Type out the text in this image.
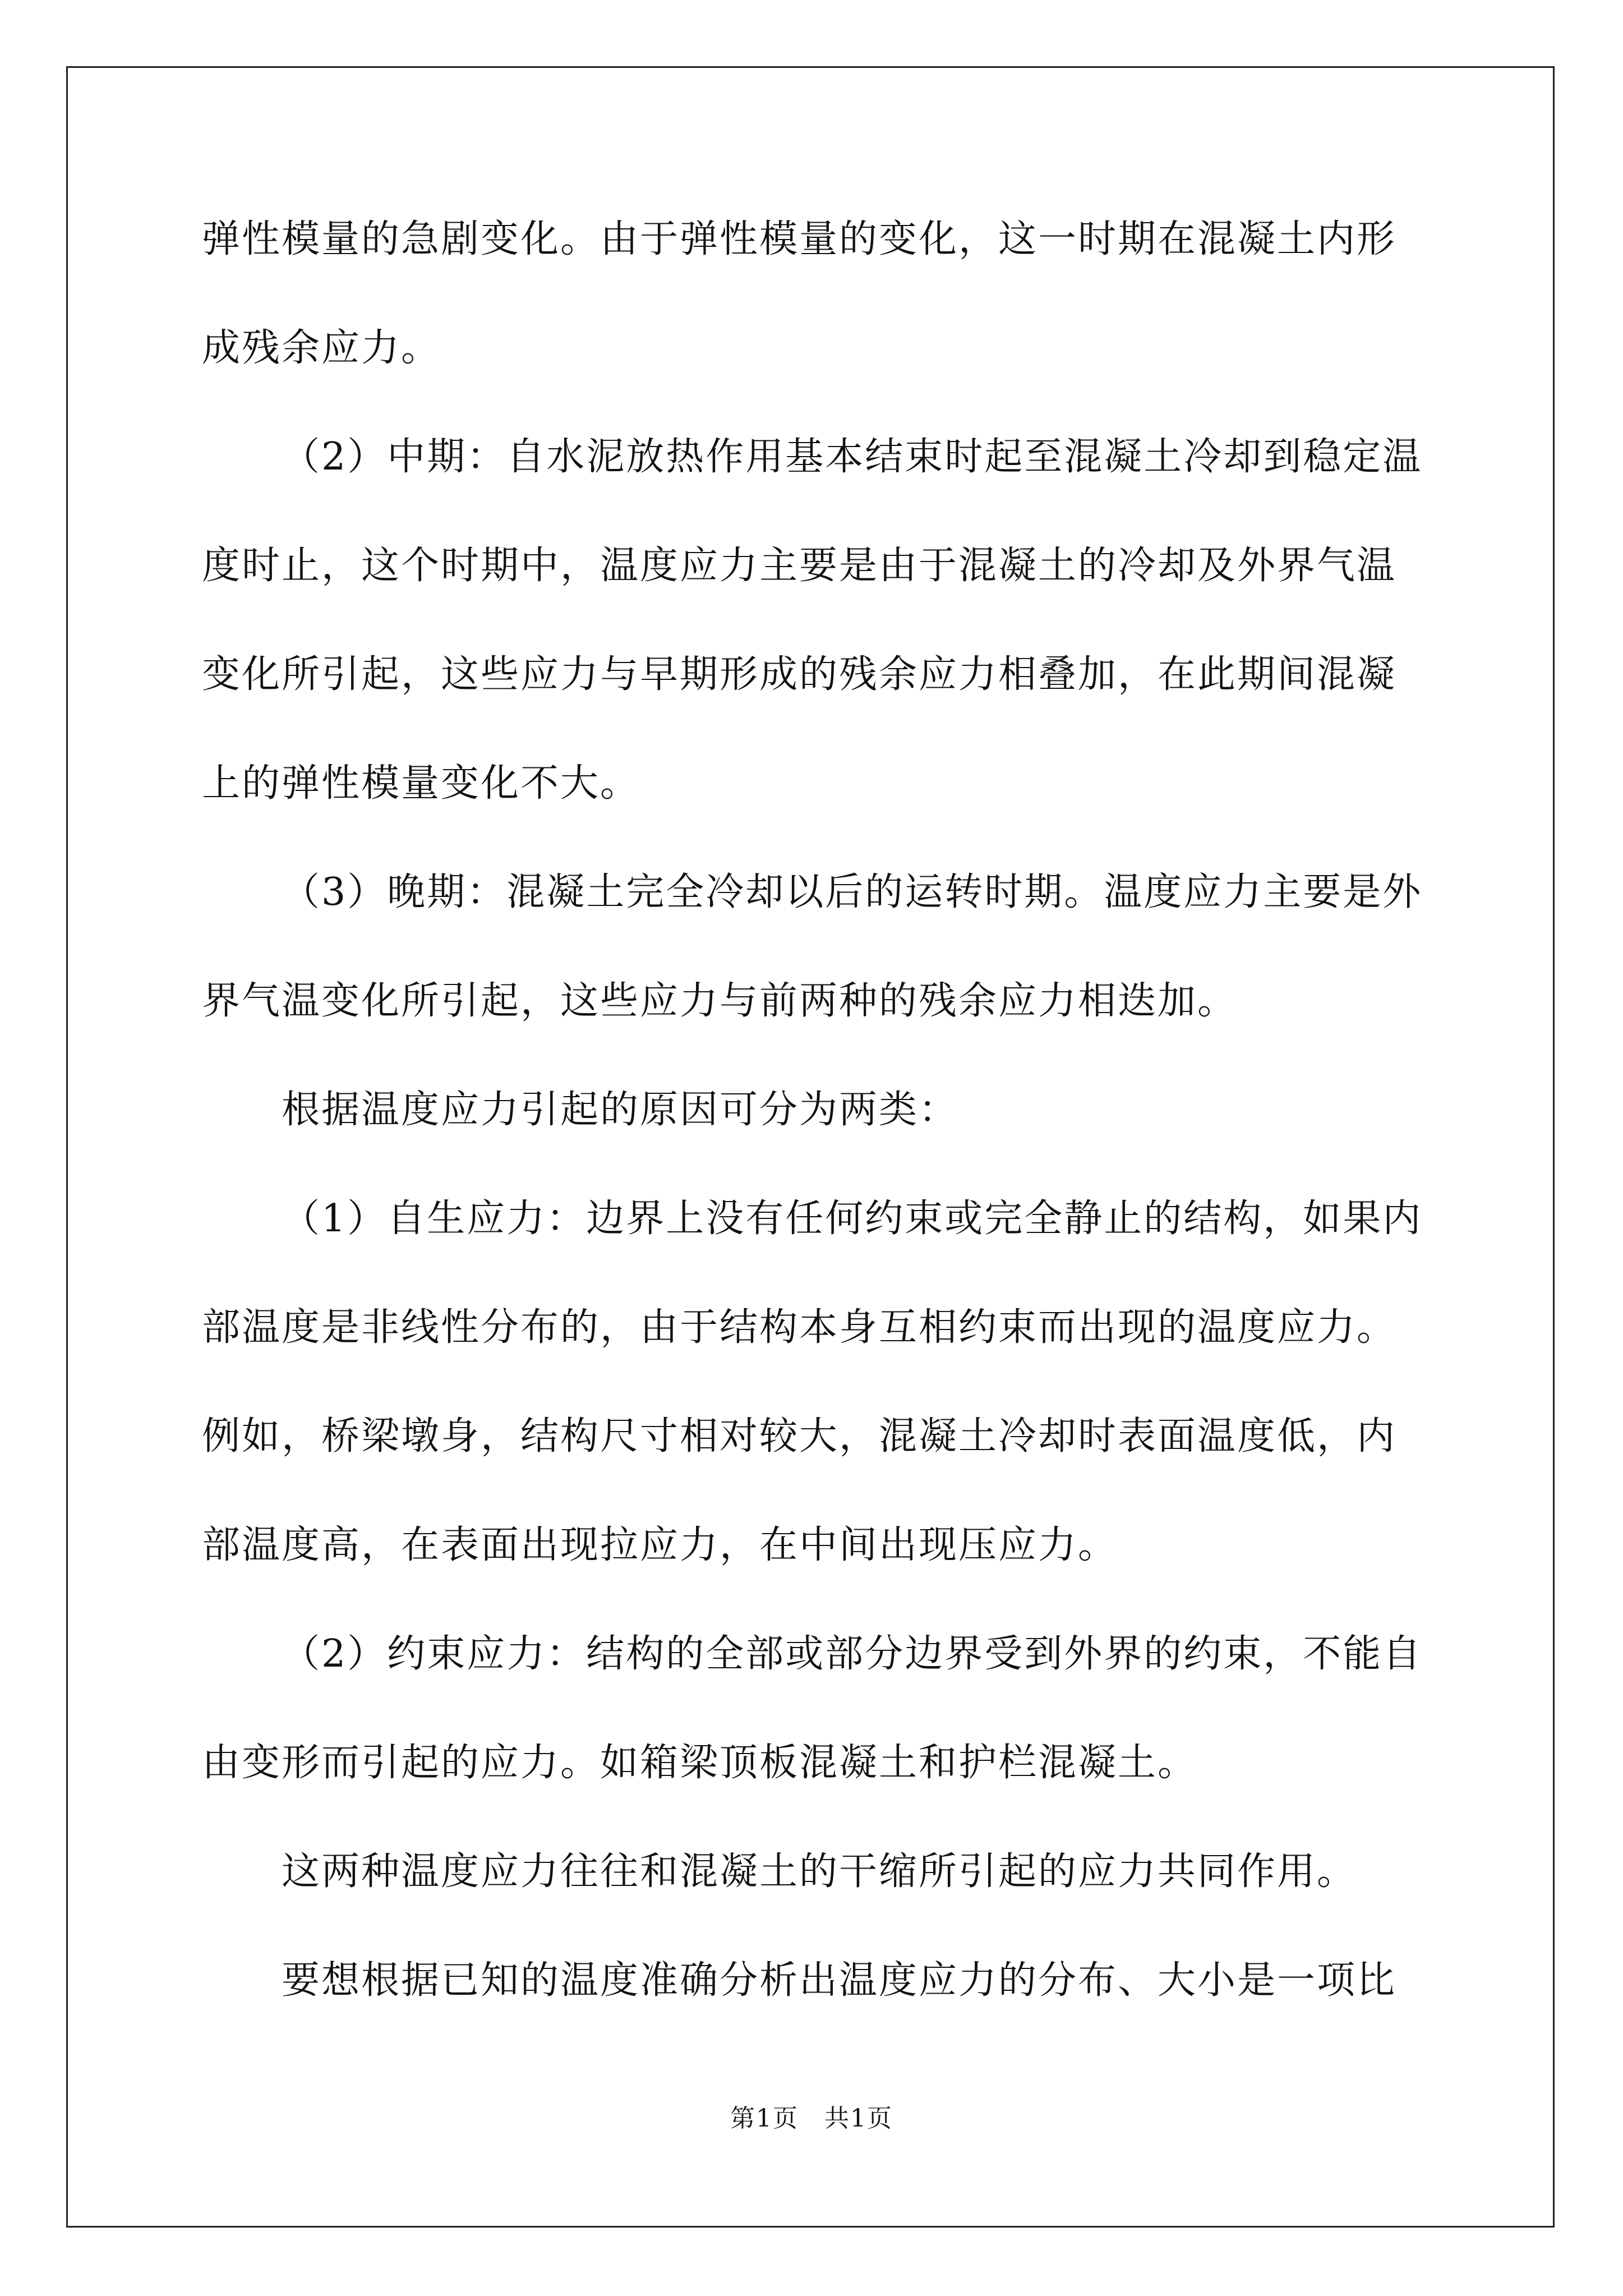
弹性模量的急剧变化。由于弹性模量的变化，这一时期在混凝土内形成残余应力。

（2）中期：自水泥放热作用基本结束时起至混凝土冷却到稳定温度时止，这个时期中，温度应力主要是由于混凝土的冷却及外界气温变化所引起，这些应力与早期形成的残余应力相叠加，在此期间混凝上的弹性模量变化不大。

（3）晚期：混凝土完全冷却以后的运转时期。温度应力主要是外界气温变化所引起，这些应力与前两种的残余应力相迭加。

根据温度应力引起的原因可分为两类：

（1）自生应力：边界上没有任何约束或完全静止的结构，如果内部温度是非线性分布的，由于结构本身互相约束而出现的温度应力。例如，桥梁墩身，结构尺寸相对较大，混凝土冷却时表面温度低，内部温度高，在表面出现拉应力，在中间出现压应力。

（2）约束应力：结构的全部或部分边界受到外界的约束，不能自由变形而引起的应力。如箱梁顶板混凝土和护栏混凝土。

这两种温度应力往往和混凝土的干缩所引起的应力共同作用。

要想根据已知的温度准确分析出温度应力的分布、大小是一项比

第1页　共1页
